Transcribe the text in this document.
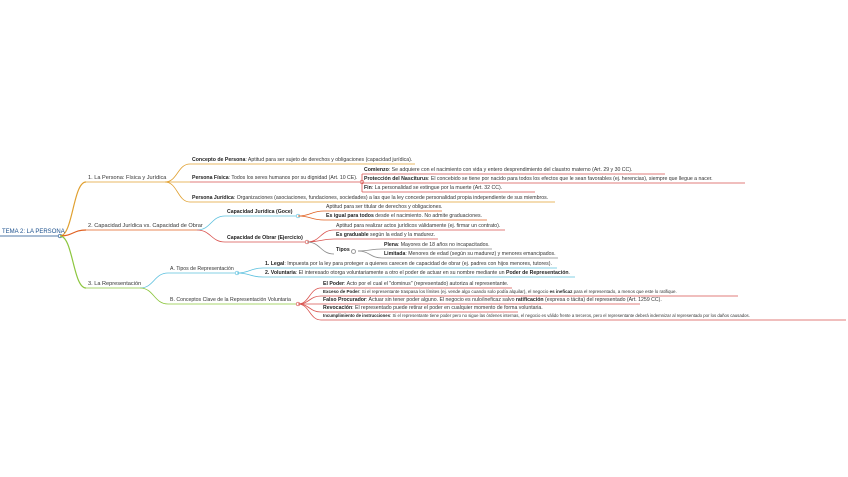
TEMA 2: LA PERSONA
1. La Persona: Física y Jurídica
Concepto de Persona: Aptitud para ser sujeto de derechos y obligaciones (capacidad jurídica).
Persona Física: Todos los seres humanos por su dignidad (Art. 10 CE).
Comienzo: Se adquiere con el nacimiento con vida y entero desprendimiento del claustro materno (Art. 29 y 30 CC).
Protección del Nasciturus: El concebido se tiene por nacido para todos los efectos que le sean favorables (ej. herencias), siempre que llegue a nacer.
Fin: La personalidad se extingue por la muerte (Art. 32 CC).
Persona Jurídica: Organizaciones (asociaciones, fundaciones, sociedades) a las que la ley concede personalidad propia independiente de sus miembros.
2. Capacidad Jurídica vs. Capacidad de Obrar
Capacidad Jurídica (Goce)
Aptitud para ser titular de derechos y obligaciones.
Es igual para todos desde el nacimiento. No admite graduaciones.
Capacidad de Obrar (Ejercicio)
Aptitud para realizar actos jurídicos válidamente (ej. firmar un contrato).
Es graduable según la edad y la madurez.
Tipos
Plena: Mayores de 18 años no incapacitados.
Limitada: Menores de edad (según su madurez) y menores emancipados.
3. La Representación
A. Tipos de Representación
1. Legal: Impuesta por la ley para proteger a quienes carecen de capacidad de obrar (ej. padres con hijos menores, tutores).
2. Voluntaria: El interesado otorga voluntariamente a otro el poder de actuar en su nombre mediante un Poder de Representación.
B. Conceptos Clave de la Representación Voluntaria
El Poder: Acto por el cual el "dominus" (representado) autoriza al representante.
Exceso de Poder: Si el representante traspasa los límites (ej. vende algo cuando solo podía alquilar), el negocio es ineficaz para el representado, a menos que este lo ratifique.
Falso Procurador: Actuar sin tener poder alguno. El negocio es nulo/ineficaz salvo ratificación (expresa o tácita) del representado (Art. 1259 CC).
Revocación: El representado puede retirar el poder en cualquier momento de forma voluntaria.
Incumplimiento de instrucciones: Si el representante tiene poder pero no sigue las órdenes internas, el negocio es válido frente a terceros, pero el representante deberá indemnizar al representado por los daños causados.
